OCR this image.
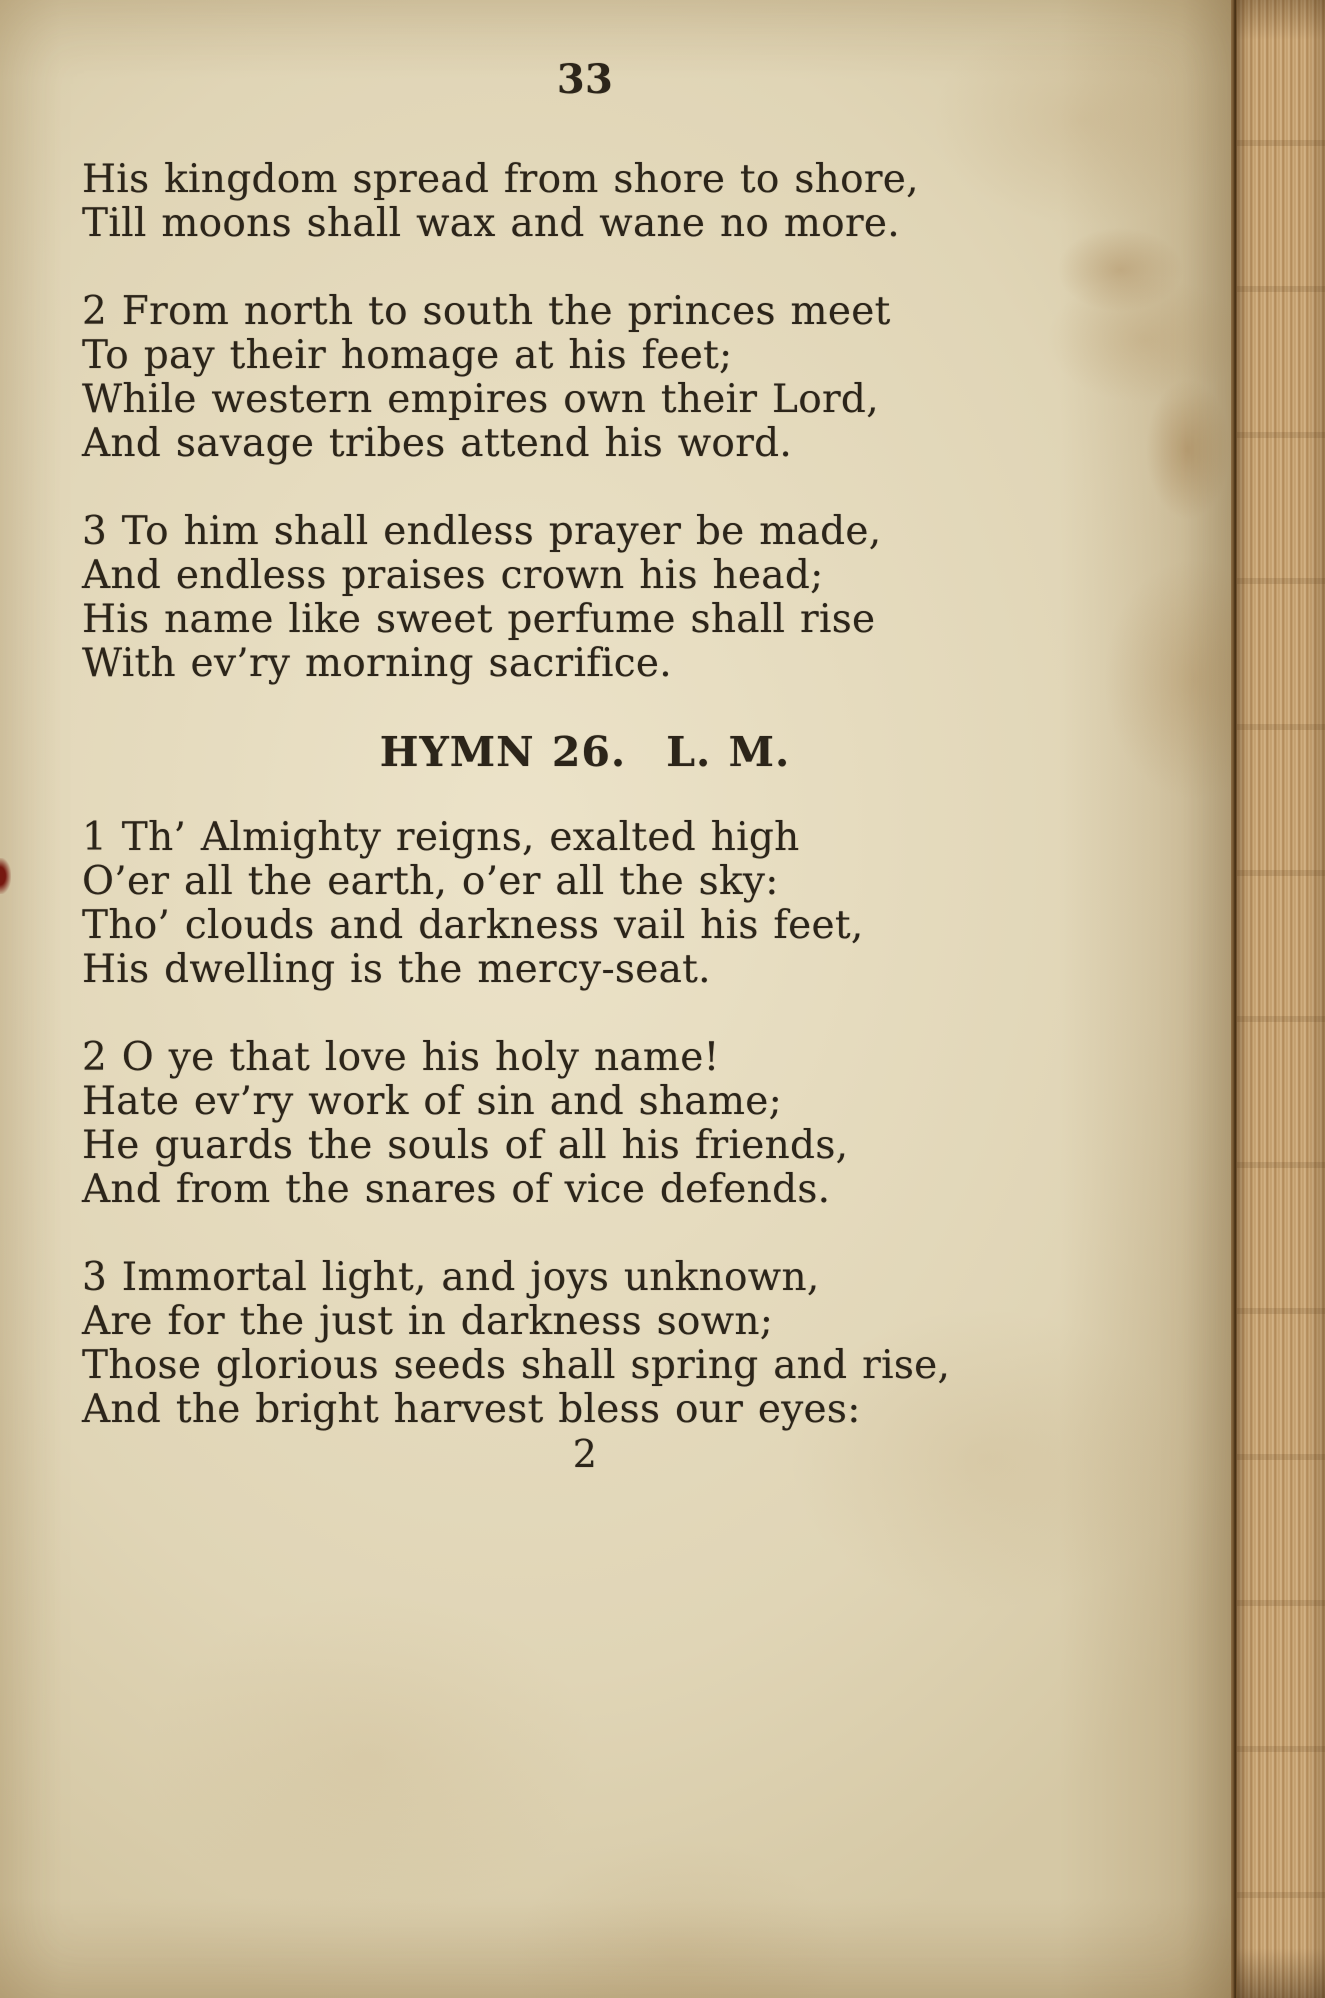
33
His kingdom spread from shore to shore,
Till moons shall wax and wane no more.
2 From north to south the princes meet
To pay their homage at his feet;
While western empires own their Lord,
And savage tribes attend his word.
3 To him shall endless prayer be made,
And endless praises crown his head;
His name like sweet perfume shall rise
With ev’ry morning sacrifice.
HYMN 26. L. M.
1 Th’ Almighty reigns, exalted high
O’er all the earth, o’er all the sky:
Tho’ clouds and darkness vail his feet,
His dwelling is the mercy-seat.
2 O ye that love his holy name!
Hate ev’ry work of sin and shame;
He guards the souls of all his friends,
And from the snares of vice defends.
3 Immortal light, and joys unknown,
Are for the just in darkness sown;
Those glorious seeds shall spring and rise,
And the bright harvest bless our eyes:
2
